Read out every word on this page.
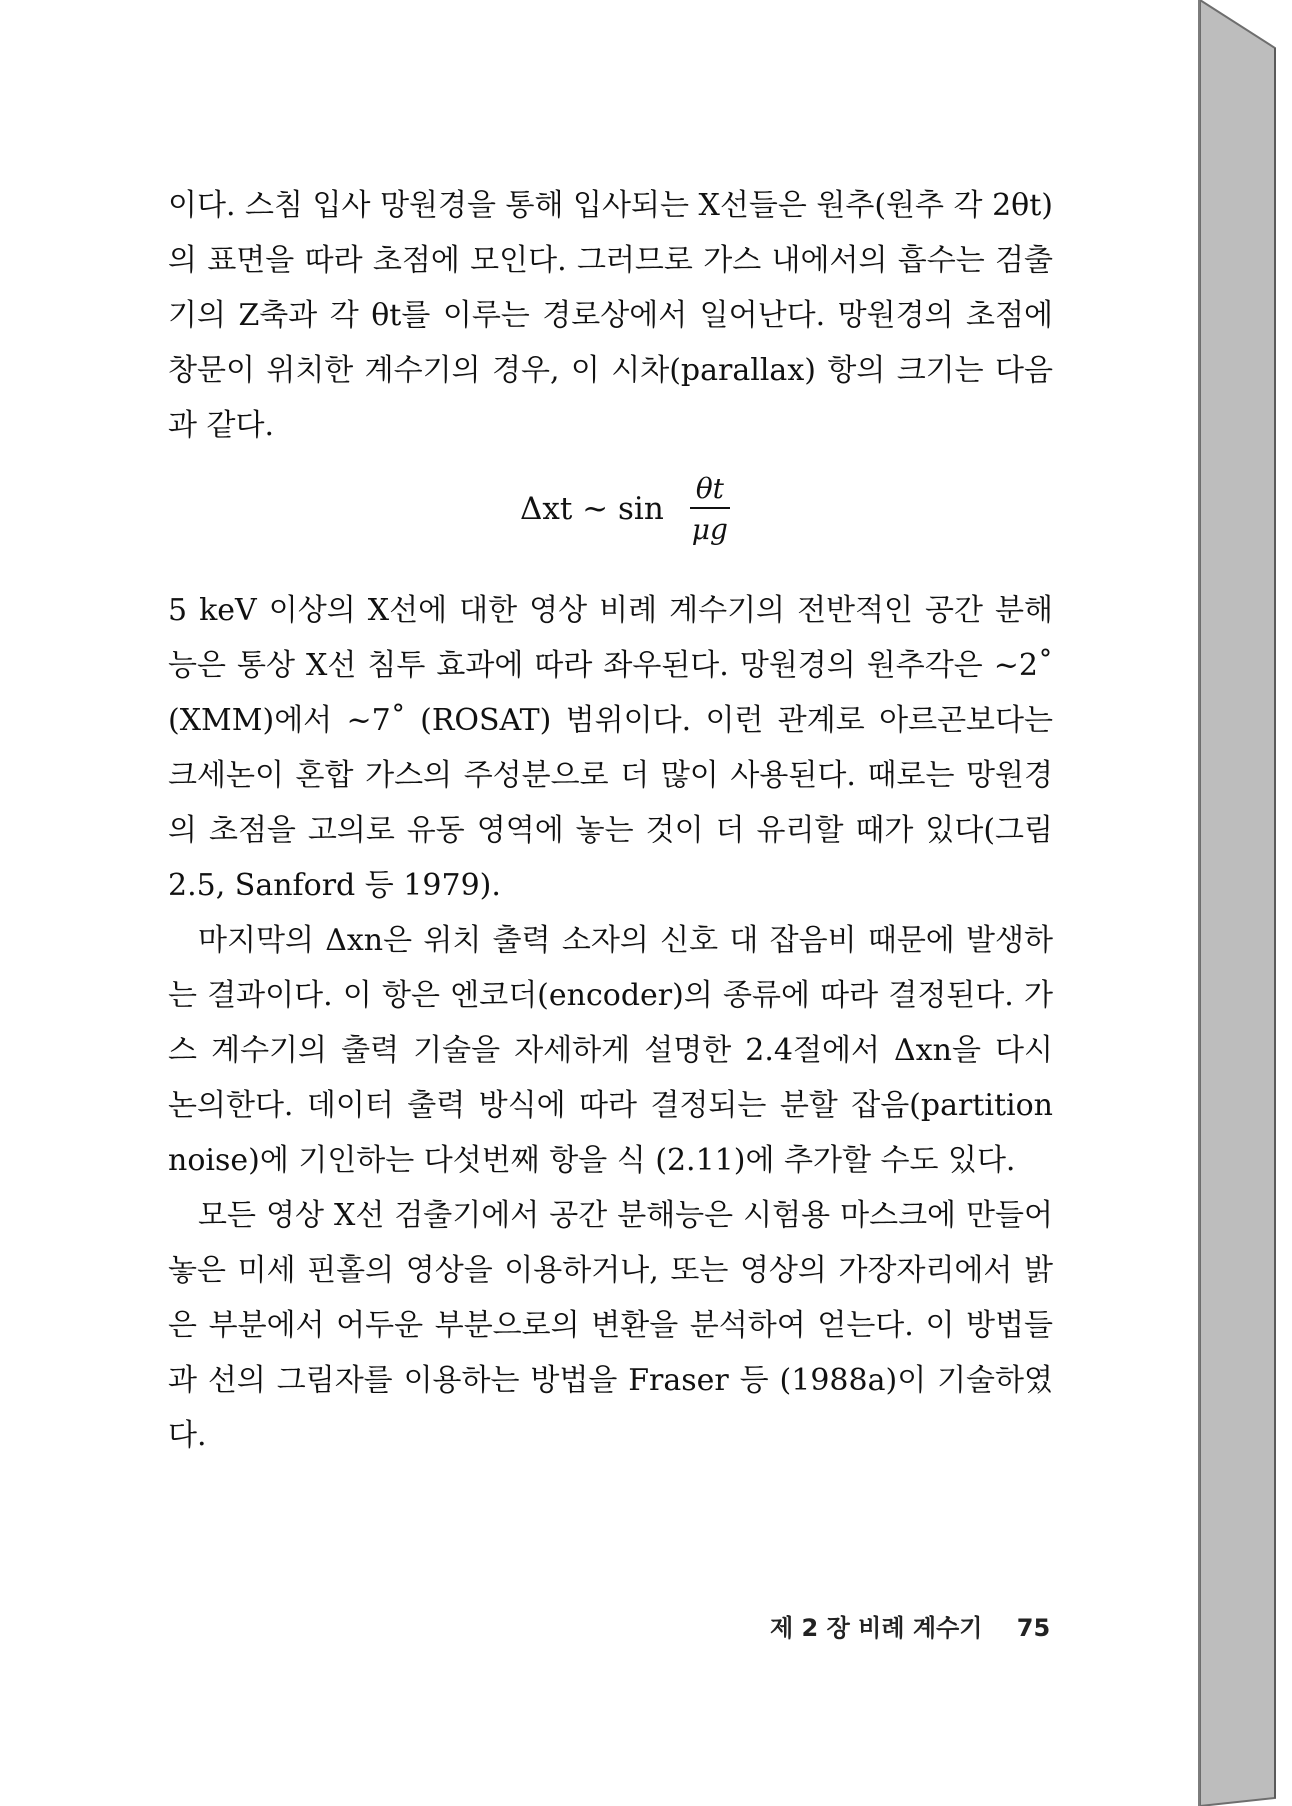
이다. 스침 입사 망원경을 통해 입사되는 X선들은 원추(원추 각 2θt)의 표면을 따라 초점에 모인다. 그러므로 가스 내에서의 흡수는 검출기의 Z축과 각 θt를 이루는 경로상에서 일어난다. 망원경의 초점에 창문이 위치한 계수기의 경우, 이 시차(parallax) 항의 크기는 다음과 같다.

Δxt ~ $\sin \frac{\theta t}{\mu g}$

5 keV 이상의 X선에 대한 영상 비례 계수기의 전반적인 공간 분해능은 통상 X선 침투 효과에 따라 좌우된다. 망원경의 원추각은 ~2˚ (XMM)에서 ~7˚ (ROSAT) 범위이다. 이런 관계로 아르곤보다는 크세논이 혼합 가스의 주성분으로 더 많이 사용된다. 때로는 망원경의 초점을 고의로 유동 영역에 놓는 것이 더 유리할 때가 있다(그림 2.5, Sanford 등 1979).

마지막의 Δxn은 위치 출력 소자의 신호 대 잡음비 때문에 발생하는 결과이다. 이 항은 엔코더(encoder)의 종류에 따라 결정된다. 가스 계수기의 출력 기술을 자세하게 설명한 2.4절에서 Δxn을 다시 논의한다. 데이터 출력 방식에 따라 결정되는 분할 잡음(partition noise)에 기인하는 다섯번째 항을 식 (2.11)에 추가할 수도 있다.

모든 영상 X선 검출기에서 공간 분해능은 시험용 마스크에 만들어 놓은 미세 핀홀의 영상을 이용하거나, 또는 영상의 가장자리에서 밝은 부분에서 어두운 부분으로의 변환을 분석하여 얻는다. 이 방법들과 선의 그림자를 이용하는 방법을 Fraser 등 (1988a)이 기술하였다.

제 2 장 비례 계수기 75
